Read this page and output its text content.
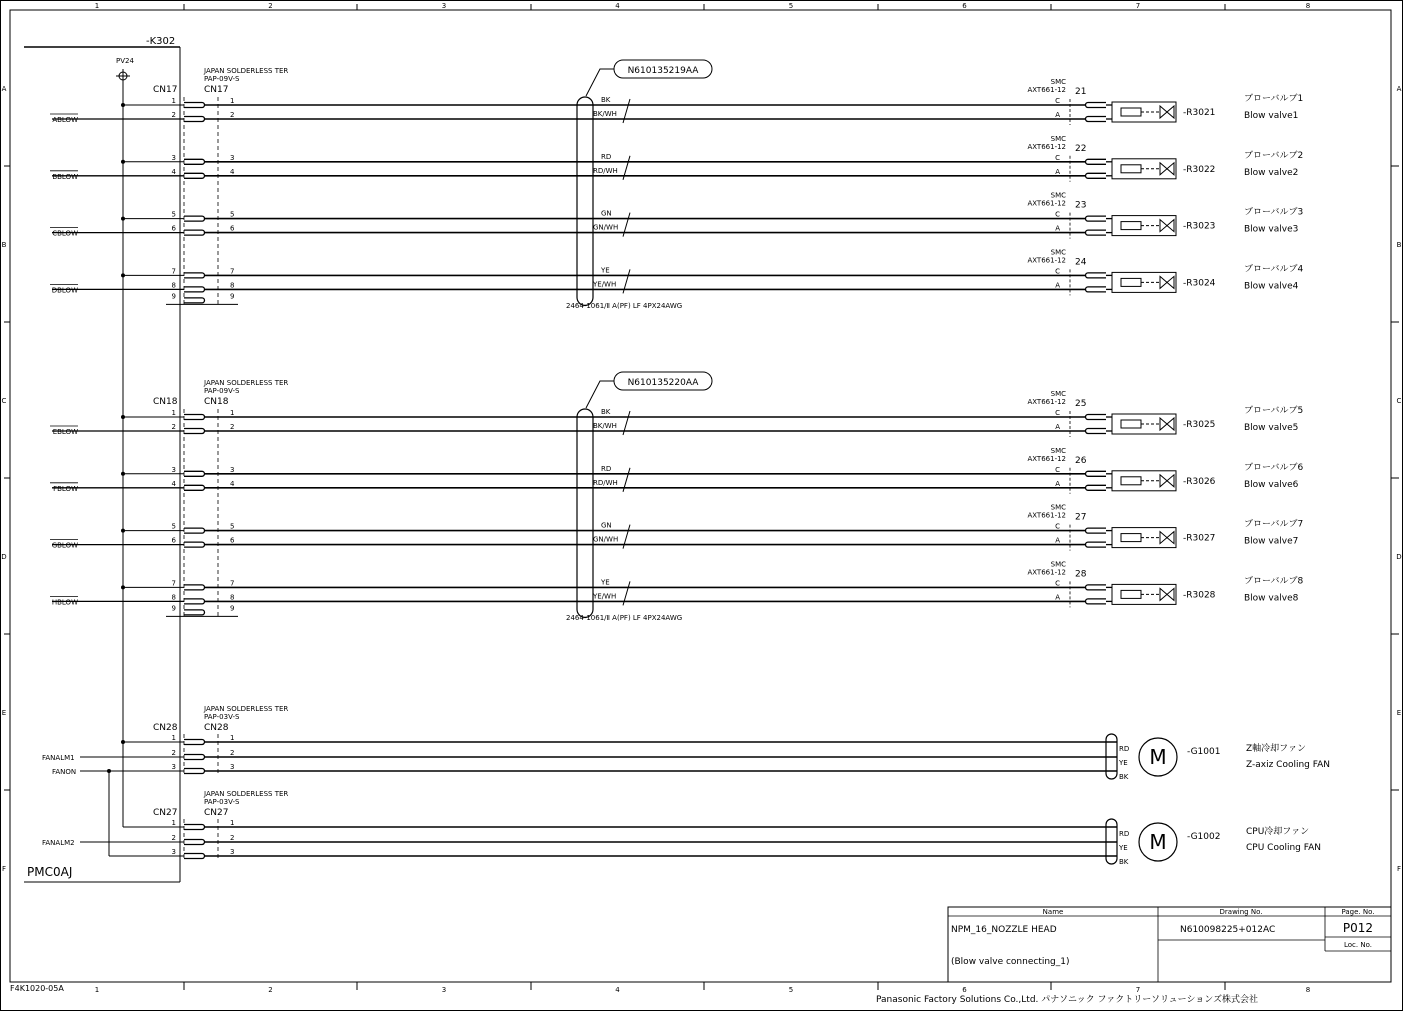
1
1
2
2
3
3
4
4
5
5
6
6
7
7
8
8
A	A
B	B
C	C
D	D
E	E
F	F
-K302
PMC0AJ
PV24
JAPAN SOLDERLESS TER
PAP-09V-S
CN17
CN17
JAPAN SOLDERLESS TER
PAP-09V-S
CN18
CN18
JAPAN SOLDERLESS TER
PAP-03V-S
CN28
CN28
JAPAN SOLDERLESS TER
PAP-03V-S
CN27
CN27
N610135219AA
2464-1061/Ⅱ A(PF) LF 4PX24AWG
N610135220AA
2464-1061/Ⅱ A(PF) LF 4PX24AWG
1	1
2	2
ABLOW
BK
BK/WH
SMC
AXT661-12 21
C
A	-R3021
ブローバルブ1
Blow valve1
3	3
4	4
BBLOW
RD
RD/WH
SMC
AXT661-12 22
C
A	-R3022
ブローバルブ2
Blow valve2
5	5
6	6
CBLOW
GN
GN/WH
SMC
AXT661-12 23
C
A	-R3023
ブローバルブ3
Blow valve3
7	7
8	8
DBLOW
YE
YE/WH
SMC
AXT661-12 24
C
A	-R3024
ブローバルブ4
Blow valve4
9	9
1	1
2	2
EBLOW
BK
BK/WH
SMC
AXT661-12 25
C
A	-R3025
ブローバルブ5
Blow valve5
3	3
4	4
FBLOW
RD
RD/WH
SMC
AXT661-12 26
C
A	-R3026
ブローバルブ6
Blow valve6
5	5
6	6
GBLOW
GN
GN/WH
SMC
AXT661-12 27
C
A	-R3027
ブローバルブ7
Blow valve7
7	7
8	8
HBLOW
YE
YE/WH
SMC
AXT661-12 28
C
A	-R3028
ブローバルブ8
Blow valve8
9	9
1	1
2	2
3	3
1	1
2	2
3	3
FANALM1
FANON
FANALM2
M
RD
YE
BK
-G1001	Z軸冷却ファン
Z-axiz Cooling FAN
M
RD
YE
BK
-G1002	CPU冷却ファン
CPU Cooling FAN
Name
NPM_16_NOZZLE HEAD
(Blow valve connecting_1)
Drawing No.
N610098225+012AC
Page. No.
P012
Loc. No.
F4K1020-05A
Panasonic Factory Solutions Co.,Ltd. パナソニック ファクトリーソリューションズ株式会社
